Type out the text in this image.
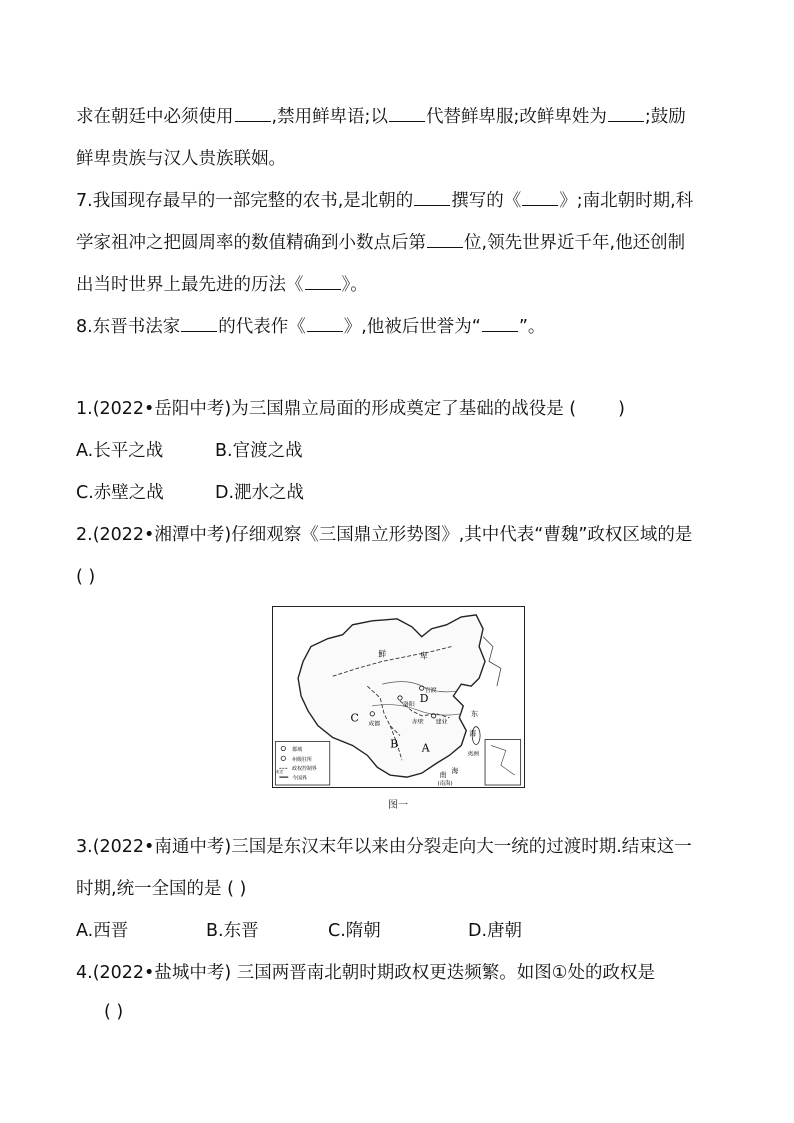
求在朝廷中必须使用 ,禁用鲜卑语;以 代替鲜卑服;改鲜卑姓为 ;鼓励
鲜卑贵族与汉人贵族联姻。
7.我国现存最早的一部完整的农书,是北朝的 撰写的《 》;南北朝时期,科
学家祖冲之把圆周率的数值精确到小数点后第 位,领先世界近千年,他还创制
出当时世界上最先进的历法《 》。
8.东晋书法家 的代表作《 》,他被后世誉为“ ”。
1.(2022•岳阳中考)为三国鼎立局面的形成奠定了基础的战役是 ( )
A.长平之战	B.官渡之战
C.赤壁之战	D.淝水之战
2.(2022•湘潭中考)仔细观察《三国鼎立形势图》,其中代表“曹魏”政权区域的是
( )
鲜	卑
C
D
B A
洛阳
官渡
成都	建业
赤壁
夷洲
南 海
(南海)
东
海
都城
州级驻所
政权控制界
今国界
未定
图一
3.(2022•南通中考)三国是东汉末年以来由分裂走向大一统的过渡时期.结束这一
时期,统一全国的是 ( )
A.西晋	B.东晋	C.隋朝	D.唐朝
4.(2022•盐城中考) 三国两晋南北朝时期政权更迭频繁。如图①处的政权是
( )
